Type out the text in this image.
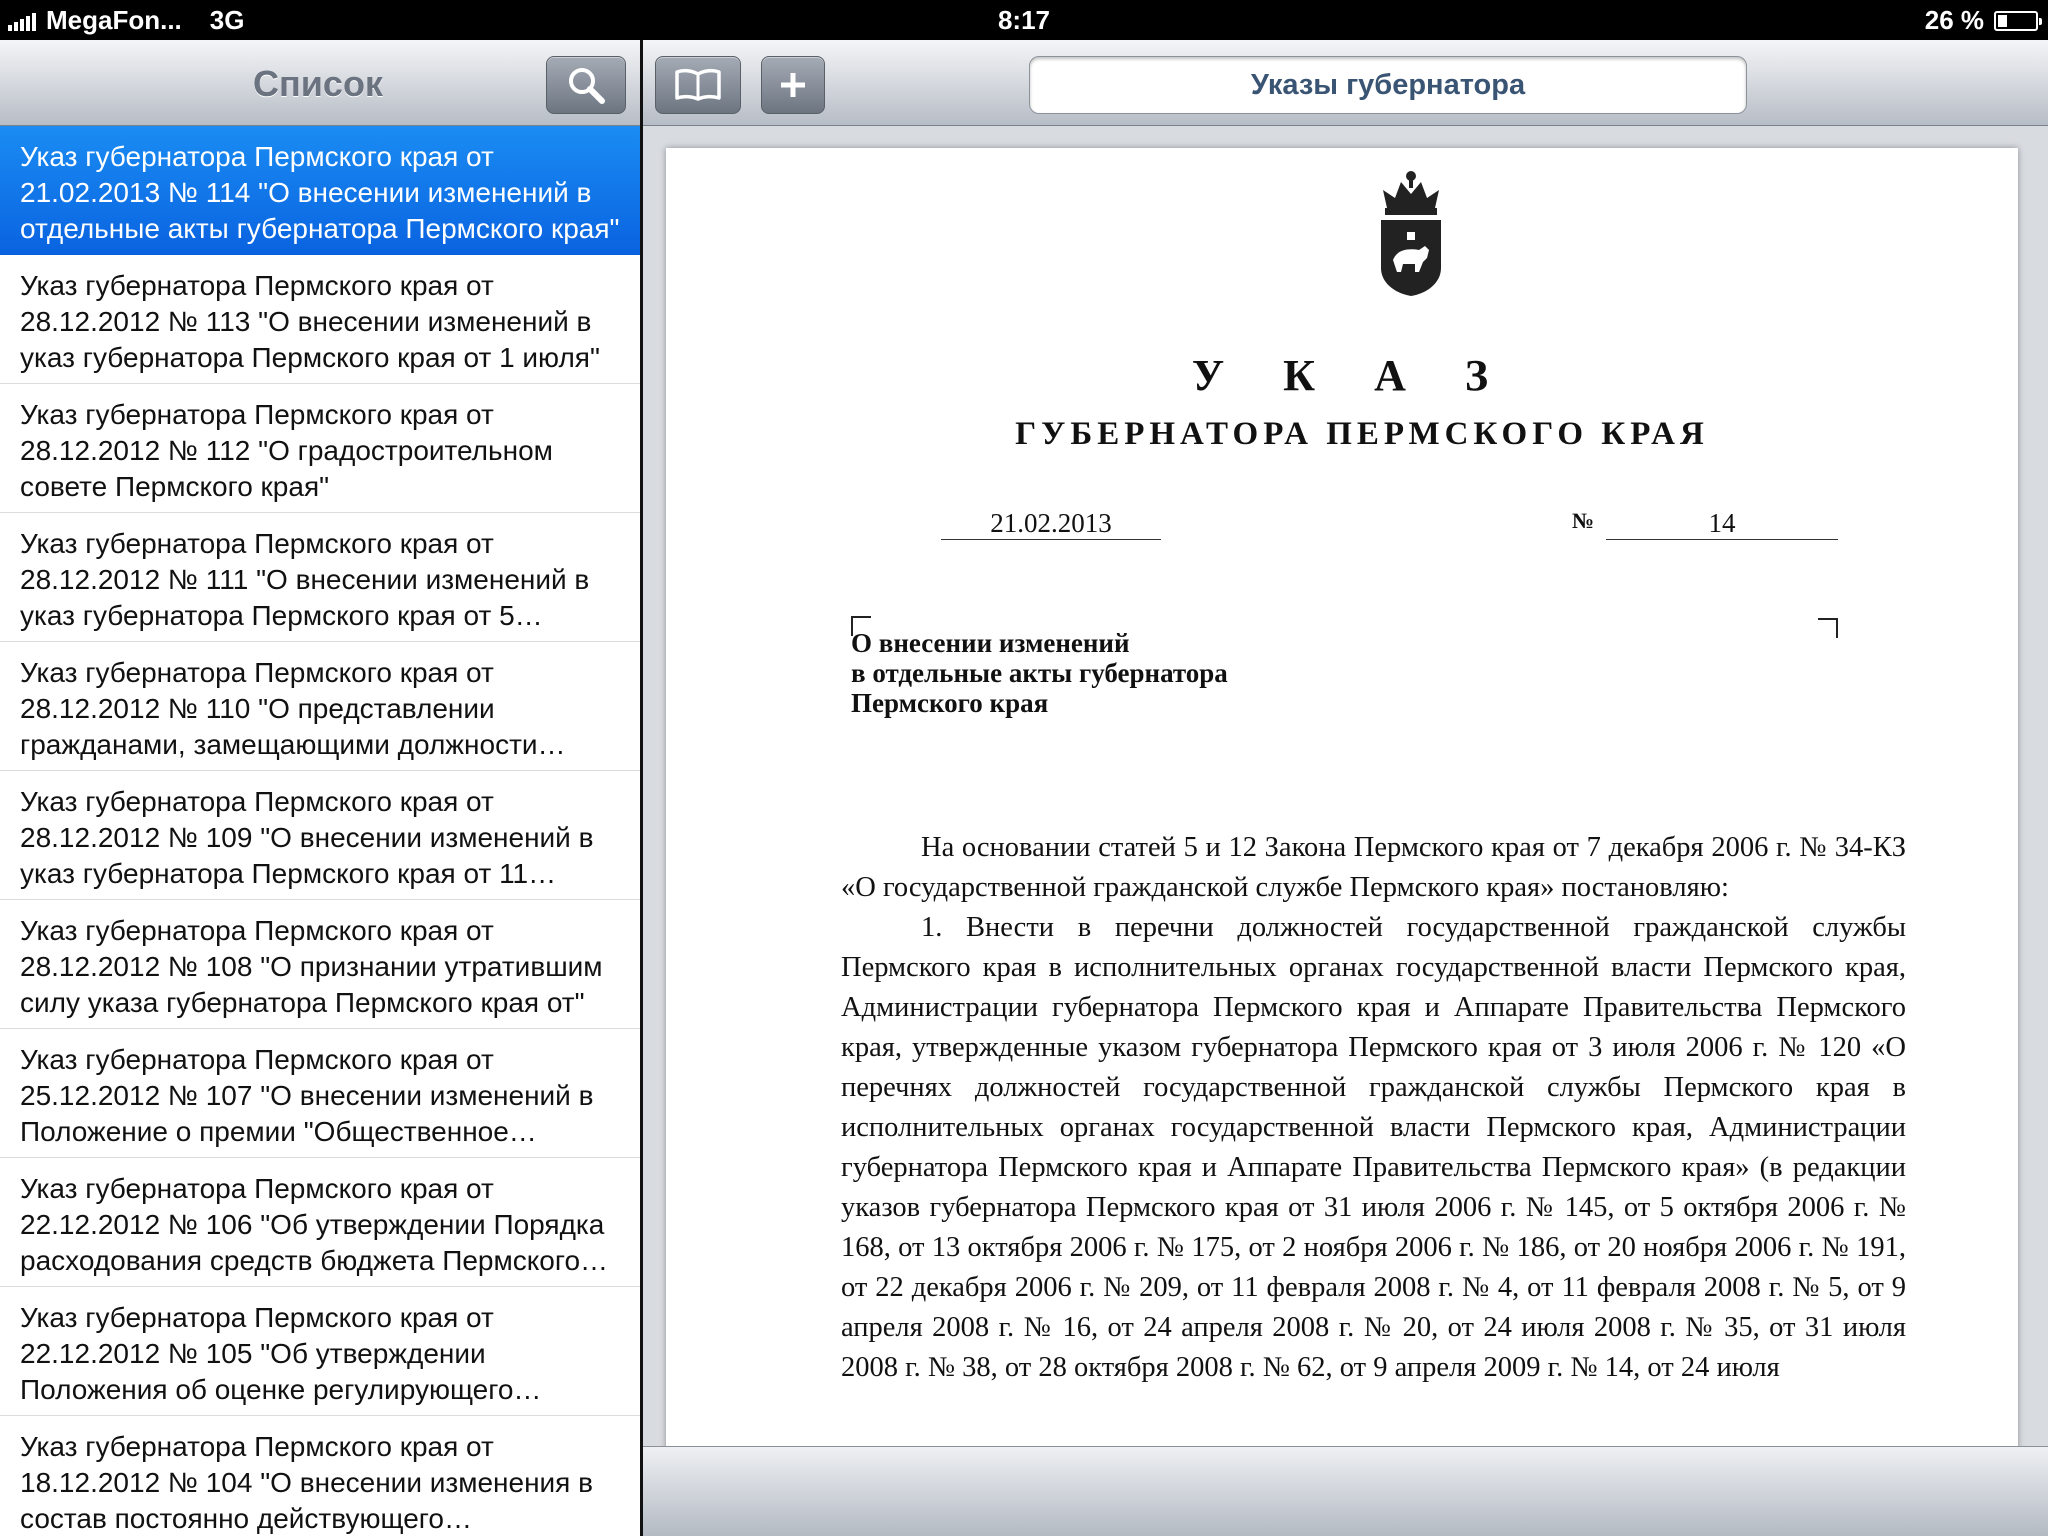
MegaFon... 3G	8:17	26 %
Список
Указ губернатора Пермского края от 21.02.2013 № 114 "О внесении изменений в отдельные акты губернатора Пермского края"
Указ губернатора Пермского края от 28.12.2012 № 113 "О внесении изменений в указ губернатора Пермского края от 1 июля"
Указ губернатора Пермского края от 28.12.2012 № 112 "О градостроительном совете Пермского края"
Указ губернатора Пермского края от 28.12.2012 № 111 "О внесении изменений в указ губернатора Пермского края от 5
Указ губернатора Пермского края от 28.12.2012 № 110 "О представлении гражданами, замещающими должности
Указ губернатора Пермского края от 28.12.2012 № 109 "О внесении изменений в указ губернатора Пермского края от 11
Указ губернатора Пермского края от 28.12.2012 № 108 "О признании утратившим силу указа губернатора Пермского края от"
Указ губернатора Пермского края от 25.12.2012 № 107 "О внесении изменений в Положение о премии "Общественное
Указ губернатора Пермского края от 22.12.2012 № 106 "Об утверждении Порядка расходования средств бюджета Пермского
Указ губернатора Пермского края от 22.12.2012 № 105 "Об утверждении Положения об оценке регулирующего
Указ губернатора Пермского края от 18.12.2012 № 104 "О внесении изменения в состав постоянно действующего
Указы губернатора
У К А З
ГУБЕРНАТОРА ПЕРМСКОГО КРАЯ
21.02.2013	№	14
О внесении изменений
в отдельные акты губернатора
Пермского края

На основании статей 5 и 12 Закона Пермского края от 7 декабря 2006 г. № 34-КЗ «О государственной гражданской службе Пермского края» постановляю:

1. Внести в перечни должностей государственной гражданской службы Пермского края в исполнительных органах государственной власти Пермского края, Администрации губернатора Пермского края и Аппарате Правительства Пермского края, утвержденные указом губернатора Пермского края от 3 июля 2006 г. № 120 «О перечнях должностей государственной гражданской службы Пермского края в исполнительных органах государственной власти Пермского края, Администрации губернатора Пермского края и Аппарате Правительства Пермского края» (в редакции указов губернатора Пермского края от 31 июля 2006 г. № 145, от 5 октября 2006 г. № 168, от 13 октября 2006 г. № 175, от 2 ноября 2006 г. № 186, от 20 ноября 2006 г. № 191, от 22 декабря 2006 г. № 209, от 11 февраля 2008 г. № 4, от 11 февраля 2008 г. № 5, от 9 апреля 2008 г. № 16, от 24 апреля 2008 г. № 20, от 24 июля 2008 г. № 35, от 31 июля 2008 г. № 38, от 28 октября 2008 г. № 62, от 9 апреля 2009 г. № 14, от 24 июля
